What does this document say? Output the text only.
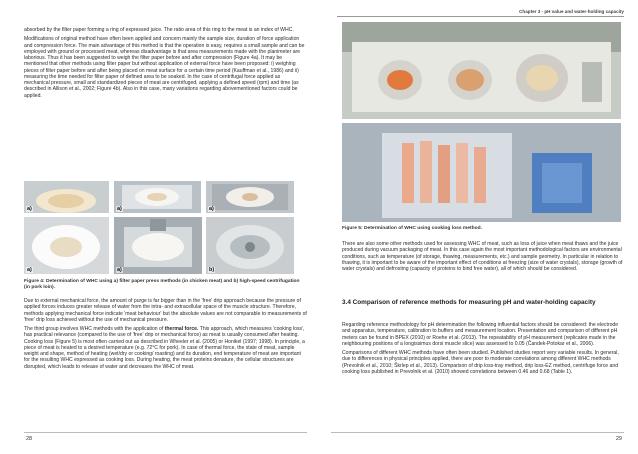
absorbed by the filter paper forming a ring of expressed juice. The ratio area of this ring to the meat is an index of WHC.

Modifications of original method have often been applied and concern mainly the sample size, duration of force application and compression force. The main advantage of this method is that the operation is easy, requires a small sample and can be employed with ground or processed meat, whereas disadvantage is that area measurements made with the planimeter are laborious. Thus it has been suggested to weigh the filter paper before and after compression (Figure 4a). It may be mentioned that other methods using filter paper but without application of external force have been proposed: i) weighing pieces of filter paper before and after being placed on meat surface for a certain time period (Kauffman et al., 1986) and ii) measuring the time needed for filter paper of defined area to be soaked. In the case of centrifugal force applied as mechanical pressure, small and standardized pieces of meat are centrifuged, applying a defined speed (rpm) and time (as described in Allison et al., 2002; Figure 4b). Also in this case, many variations regarding abovementioned factors could be applied.

a)	a)	a)
a)	a)	b)
Figure 4: Determination of WHC using a) filter paper press methods (in chicken meat) and b) high-speed centrifugation (in pork loin).

Due to external mechanical force, the amount of purge is far bigger than in the 'free' drip approach because the pressure of applied forces induces greater release of water from the intra- and extracellular space of the muscle structure. Therefore, methods applying mechanical force indicate 'meat behaviour' but the absolute values are not comparable to measurements of 'free' drip loss achieved without the use of mechanical pressure.

The third group involves WHC methods with the application of thermal force. This approach, which measures 'cooking loss', has practical relevance (compared to the use of 'free' drip or mechanical force) as meat is usually consumed after heating. Cooking loss (Figure 5) is most often carried out as described in Wheeler et al. (2005) or Honikel (1997; 1998). In principle, a piece of meat is heated to a desired temperature (e.g. 72°C for pork). In case of thermal force, the state of meat, sample weight and shape, method of heating (wet/dry or cooking/ roasting) and its duration, end temperature of meat are important for the resulting WHC expressed as cooking loss. During heating, the meat proteins denature, the cellular structures are disrupted, which leads to release of water and decreases the WHC of meat.

28
Chapter 3 - pH value and water-holding capacity
Figure 5: Determination of WHC using cooking loss method.

There are also some other methods used for assessing WHC of meat, such as loss of juice when meat thaws and the juice produced during vacuum packaging of meat. In this case again the most important methodological factors are environmental conditions, such as temperature (of storage, thawing, measurements, etc.) and sample geometry. In particular in relation to thawing, it is important to be aware of the important effect of conditions at freezing (size of water crystals), storage (growth of water crystals) and defrosting (capacity of proteins to bind free water), all of which should be considered.

3.4 Comparison of reference methods for measuring pH and water-holding capacity

Regarding reference methodology for pH determination the following influential factors should be considered: the electrode and apparatus, temperature, calibration to buffers and measurement location. Presentation and comparison of different pH meters can be found in BPEX (2010) or Roehe et al. (2013). The repeatability of pH measurement (replicates made in the neighbouring positions of a longissimus dorsi muscle slice) was assessed to 0.05 (Čandek-Potokar et al., 2006).

Comparisons of different WHC methods have often been studied. Published studies report very variable results. In general, due to differences in physical principles applied, there are poor to moderate correlations among different WHC methods (Prevolnik et al., 2010; Škrlep et al., 2013). Comparison of drip loss-tray method, drip loss-EZ method, centrifuge force and cooking loss published in Prevolnik et al. (2010) showed correlations between 0.46 and 0.68 (Table 1).

29
